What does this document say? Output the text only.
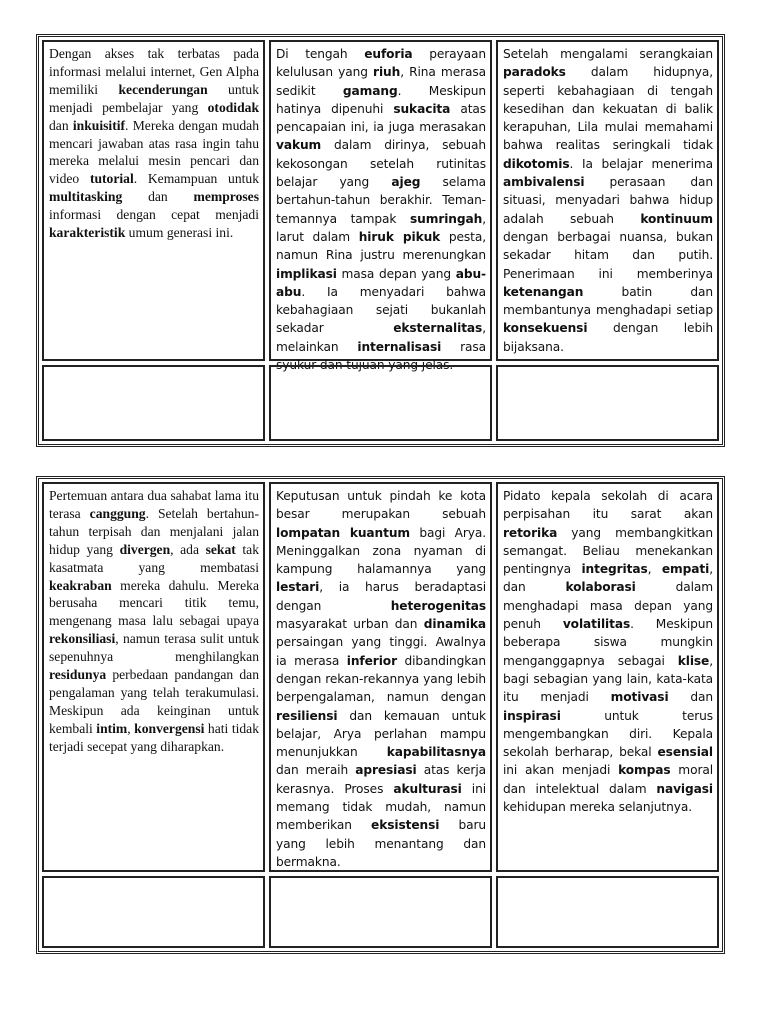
Dengan akses tak terbatas pada informasi melalui internet, Gen Alpha memiliki kecenderungan untuk menjadi pembelajar yang otodidak dan inkuisitif. Mereka dengan mudah mencari jawaban atas rasa ingin tahu mereka melalui mesin pencari dan video tutorial. Kemampuan untuk multitasking dan memproses informasi dengan cepat menjadi karakteristik umum generasi ini.

Di tengah euforia perayaan kelulusan yang riuh, Rina merasa sedikit gamang. Meskipun hatinya dipenuhi sukacita atas pencapaian ini, ia juga merasakan vakum dalam dirinya, sebuah kekosongan setelah rutinitas belajar yang ajeg selama bertahun-tahun berakhir. Teman-temannya tampak sumringah, larut dalam hiruk pikuk pesta, namun Rina justru merenungkan implikasi masa depan yang abu-abu. Ia menyadari bahwa kebahagiaan sejati bukanlah sekadar eksternalitas, melainkan internalisasi rasa syukur dan tujuan yang jelas.

Setelah mengalami serangkaian paradoks dalam hidupnya, seperti kebahagiaan di tengah kesedihan dan kekuatan di balik kerapuhan, Lila mulai memahami bahwa realitas seringkali tidak dikotomis. Ia belajar menerima ambivalensi perasaan dan situasi, menyadari bahwa hidup adalah sebuah kontinuum dengan berbagai nuansa, bukan sekadar hitam dan putih. Penerimaan ini memberinya ketenangan batin dan membantunya menghadapi setiap konsekuensi dengan lebih bijaksana.

Pertemuan antara dua sahabat lama itu terasa canggung. Setelah bertahun-tahun terpisah dan menjalani jalan hidup yang divergen, ada sekat tak kasatmata yang membatasi keakraban mereka dahulu. Mereka berusaha mencari titik temu, mengenang masa lalu sebagai upaya rekonsiliasi, namun terasa sulit untuk sepenuhnya menghilangkan residunya perbedaan pandangan dan pengalaman yang telah terakumulasi. Meskipun ada keinginan untuk kembali intim, konvergensi hati tidak terjadi secepat yang diharapkan.

Keputusan untuk pindah ke kota besar merupakan sebuah lompatan kuantum bagi Arya. Meninggalkan zona nyaman di kampung halamannya yang lestari, ia harus beradaptasi dengan heterogenitas masyarakat urban dan dinamika persaingan yang tinggi. Awalnya ia merasa inferior dibandingkan dengan rekan-rekannya yang lebih berpengalaman, namun dengan resiliensi dan kemauan untuk belajar, Arya perlahan mampu menunjukkan kapabilitasnya dan meraih apresiasi atas kerja kerasnya. Proses akulturasi ini memang tidak mudah, namun memberikan eksistensi baru yang lebih menantang dan bermakna.

Pidato kepala sekolah di acara perpisahan itu sarat akan retorika yang membangkitkan semangat. Beliau menekankan pentingnya integritas, empati, dan kolaborasi dalam menghadapi masa depan yang penuh volatilitas. Meskipun beberapa siswa mungkin menganggapnya sebagai klise, bagi sebagian yang lain, kata-kata itu menjadi motivasi dan inspirasi untuk terus mengembangkan diri. Kepala sekolah berharap, bekal esensial ini akan menjadi kompas moral dan intelektual dalam navigasi kehidupan mereka selanjutnya.
